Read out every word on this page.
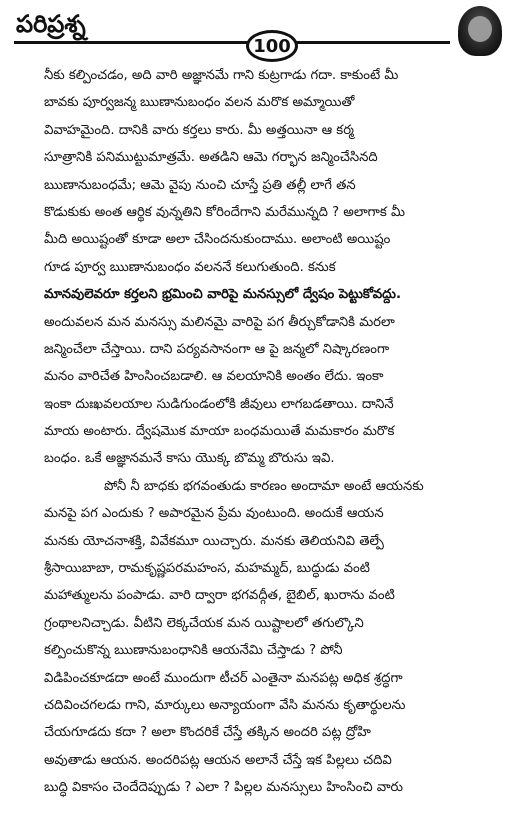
పరిప్రశ్న
100
నీకు కల్పించడం, అది వారి అజ్ఞానమే గాని కుట్రగాడు గదా. కాకుంటే మీ
బావకు పూర్వజన్మ ఋణానుబంధం వలన మరొక అమ్మాయితో
వివాహమైంది. దానికి వారు కర్తలు కారు. మీ అత్తయినా ఆ కర్మ
సూత్రానికి పనిముట్టుమాత్రమే. అతడిని ఆమె గర్భాన జన్మించేసినది
ఋణానుబంధమే; ఆమె వైపు నుంచి చూస్తే ప్రతి తల్లీ లాగే తన
కొడుకుకు అంత ఆర్థిక వున్నతిని కోరిందేగాని మరేమున్నది ? అలాగాక మీ
మీది అయిష్టంతో కూడా అలా చేసిందనుకుందాము. అలాంటి అయిష్టం
గూడ పూర్వ ఋణానుబంధం వలననే కలుగుతుంది. కనుక
మానవులెవరూ కర్తలని భ్రమించి వారిపై మనస్సులో ద్వేషం పెట్టుకోవద్దు.
అందువలన మన మనస్సు మలినమై వారిపై పగ తీర్చుకోడానికి మరలా
జన్మించేలా చేస్తాయి. దాని పర్యవసానంగా ఆ పై జన్మలో నిష్కారణంగా
మనం వారిచేత హింసించబడాలి. ఆ వలయానికి అంతం లేదు. ఇంకా
ఇంకా దుఃఖవలయాల సుడిగుండంలోకి జీవులు లాగబడతాయి. దానినే
మాయ అంటారు. ద్వేషమొక మాయా బంధమయితే మమకారం మరొక
బంధం. ఒకే అజ్ఞానమనే కాసు యొక్క బొమ్మ బొరుసు ఇవి.
పోనీ నీ బాధకు భగవంతుడు కారణం అందామా అంటే ఆయనకు
మనపై పగ ఎందుకు ? అపారమైన ప్రేమ వుంటుంది. అందుకే ఆయన
మనకు యోచనాశక్తి, వివేకమూ యిచ్చారు. మనకు తెలియనివి తెల్పే
శ్రీసాయిబాబా, రామకృష్ణపరమహంస, మహమ్మద్, బుద్ధుడు వంటి
మహాత్ములను పంపాడు. వారి ద్వారా భగవద్గీత, బైబిల్, ఖురాను వంటి
గ్రంథాలనిచ్చాడు. వీటిని లెక్కచేయక మన యిష్టాలలో తగుల్కొని
కల్పించుకొన్న ఋణానుబంధానికి ఆయనేమి చేస్తాడు ? పోనీ
విడిపించకూడదా అంటే ముందుగా టీచర్ ఎంతైనా మనపట్ల అధిక శ్రద్ధగా
చదివించగలడు గాని, మార్కులు అన్యాయంగా వేసి మనను కృతార్థులను
చేయగూడదు కదా ? అలా కొందరికే చేస్తే తక్కిన అందరి పట్ల ద్రోహి
అవుతాడు ఆయన. అందరిపట్ల ఆయన అలానే చేస్తే ఇక పిల్లలు చదివి
బుద్ధి వికాసం చెందేదెప్పుడు ? ఎలా ? పిల్లల మనస్సులు హింసించి వారు
